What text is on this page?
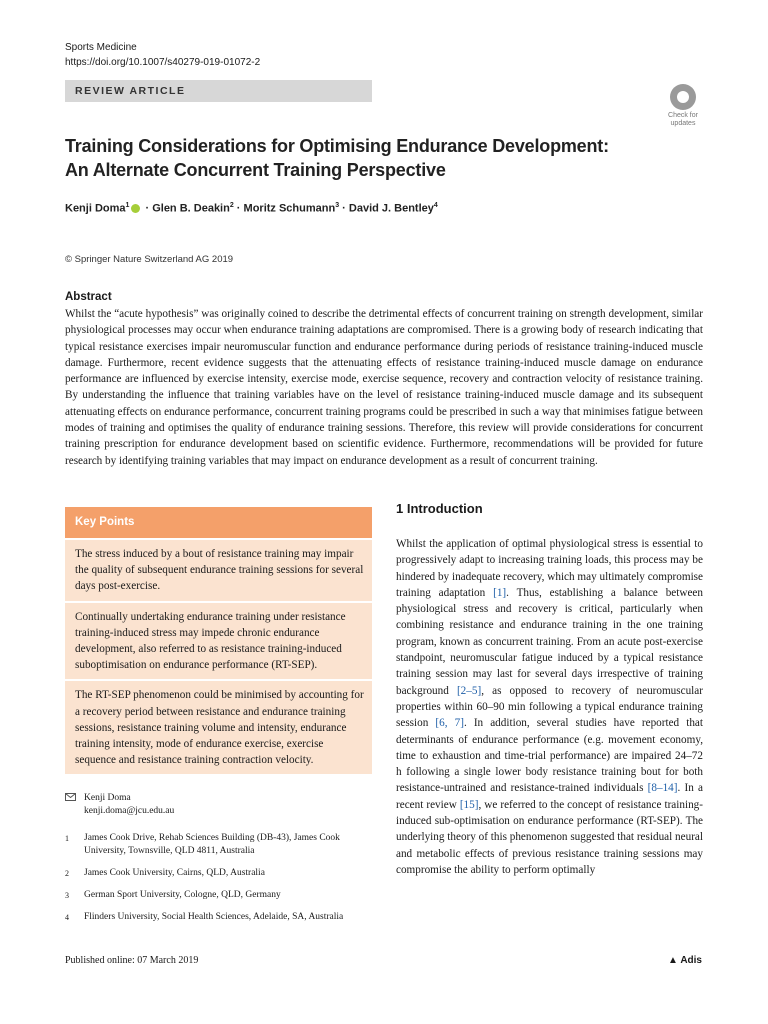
Sports Medicine
https://doi.org/10.1007/s40279-019-01072-2
REVIEW ARTICLE
Check for
updates
Training Considerations for Optimising Endurance Development:
An Alternate Concurrent Training Perspective
Kenji Doma$^1$ · Glen B. Deakin$^2$ · Moritz Schumann$^3$ · David J. Bentley$^4$
© Springer Nature Switzerland AG 2019
Abstract
Whilst the “acute hypothesis” was originally coined to describe the detrimental effects of concurrent training on strength development, similar physiological processes may occur when endurance training adaptations are compromised. There is a growing body of research indicating that typical resistance exercises impair neuromuscular function and endurance performance during periods of resistance training-induced muscle damage. Furthermore, recent evidence suggests that the attenuating effects of resistance training-induced muscle damage on endurance performance are influenced by exercise intensity, exercise mode, exercise sequence, recovery and contraction velocity of resistance training. By understanding the influence that training variables have on the level of resistance training-induced muscle damage and its subsequent attenuating effects on endurance performance, concurrent training programs could be prescribed in such a way that minimises fatigue between modes of training and optimises the quality of endurance training sessions. Therefore, this review will provide considerations for concurrent training prescription for endurance development based on scientific evidence. Furthermore, recommendations will be provided for future research by identifying training variables that may impact on endurance development as a result of concurrent training.
Key Points
The stress induced by a bout of resistance training may impair the quality of subsequent endurance training sessions for several days post-exercise.
Continually undertaking endurance training under resistance training-induced stress may impede chronic endurance development, also referred to as resistance training-induced suboptimisation on endurance performance (RT-SEP).
The RT-SEP phenomenon could be minimised by accounting for a recovery period between resistance and endurance training sessions, resistance training volume and intensity, endurance training intensity, mode of endurance exercise, exercise sequence and resistance training contraction velocity.
1 Introduction
Whilst the application of optimal physiological stress is essential to progressively adapt to increasing training loads, this process may be hindered by inadequate recovery, which may ultimately compromise training adaptation [1]. Thus, establishing a balance between physiological stress and recovery is critical, particularly when combining resistance and endurance training in the one training program, known as concurrent training. From an acute post-exercise standpoint, neuromuscular fatigue induced by a typical resistance training session may last for several days irrespective of training background [2–5], as opposed to recovery of neuromuscular properties within 60–90 min following a typical endurance training session [6, 7]. In addition, several studies have reported that determinants of endurance performance (e.g. movement economy, time to exhaustion and time-trial performance) are impaired 24–72 h following a single lower body resistance training bout for both resistance-untrained and resistance-trained individuals [8–14]. In a recent review [15], we referred to the concept of resistance training-induced sub-optimisation on endurance performance (RT-SEP). The underlying theory of this phenomenon suggested that residual neural and metabolic effects of previous resistance training sessions may compromise the ability to perform optimally
Kenji Doma
kenji.doma@jcu.edu.au
1	James Cook Drive, Rehab Sciences Building (DB-43), James Cook University, Townsville, QLD 4811, Australia
2	James Cook University, Cairns, QLD, Australia
3	German Sport University, Cologne, QLD, Germany
4	Flinders University, Social Health Sciences, Adelaide, SA, Australia
Published online: 07 March 2019	▲ Adis
